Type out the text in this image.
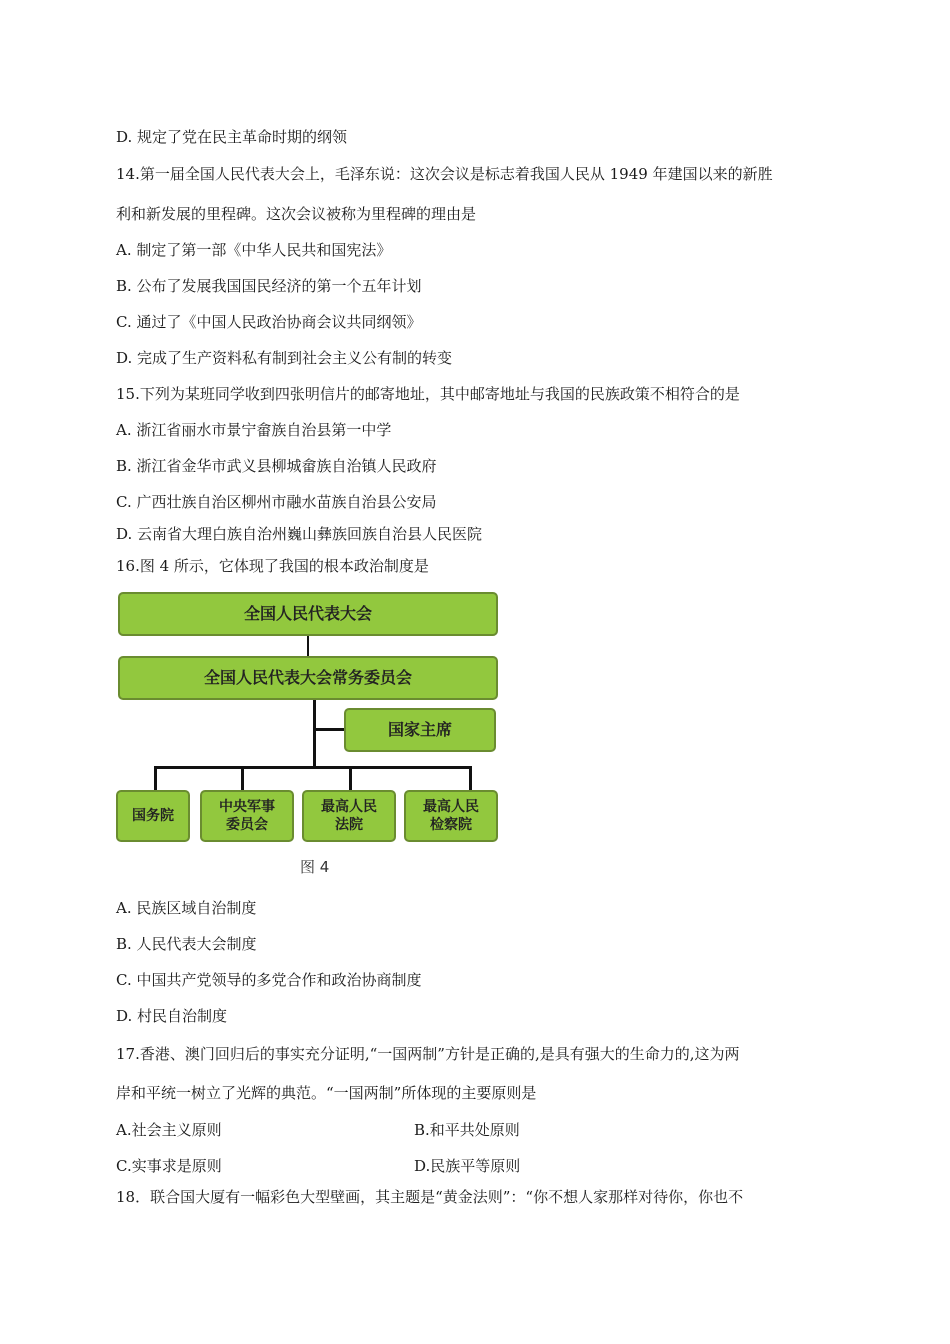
D. 规定了党在民主革命时期的纲领
14.第一届全国人民代表大会上，毛泽东说：这次会议是标志着我国人民从 1949 年建国以来的新胜
利和新发展的里程碑。这次会议被称为里程碑的理由是
A. 制定了第一部《中华人民共和国宪法》
B. 公布了发展我国国民经济的第一个五年计划
C. 通过了《中国人民政治协商会议共同纲领》
D. 完成了生产资料私有制到社会主义公有制的转变
15.下列为某班同学收到四张明信片的邮寄地址，其中邮寄地址与我国的民族政策不相符合的是
A. 浙江省丽水市景宁畲族自治县第一中学
B. 浙江省金华市武义县柳城畲族自治镇人民政府
C. 广西壮族自治区柳州市融水苗族自治县公安局
D. 云南省大理白族自治州巍山彝族回族自治县人民医院
16.图 4 所示，它体现了我国的根本政治制度是
全国人民代表大会
全国人民代表大会常务委员会
国家主席
国务院
中央军事
委员会
最高人民
法院
最高人民
检察院
图 4
A. 民族区域自治制度
B. 人民代表大会制度
C. 中国共产党领导的多党合作和政治协商制度
D. 村民自治制度
17.香港、澳门回归后的事实充分证明,“一国两制”方针是正确的,是具有强大的生命力的,这为两
岸和平统一树立了光辉的典范。“一国两制”所体现的主要原则是
A.社会主义原则	B.和平共处原则
C.实事求是原则	D.民族平等原则
18．联合国大厦有一幅彩色大型壁画，其主题是“黄金法则”：“你不想人家那样对待你，你也不
